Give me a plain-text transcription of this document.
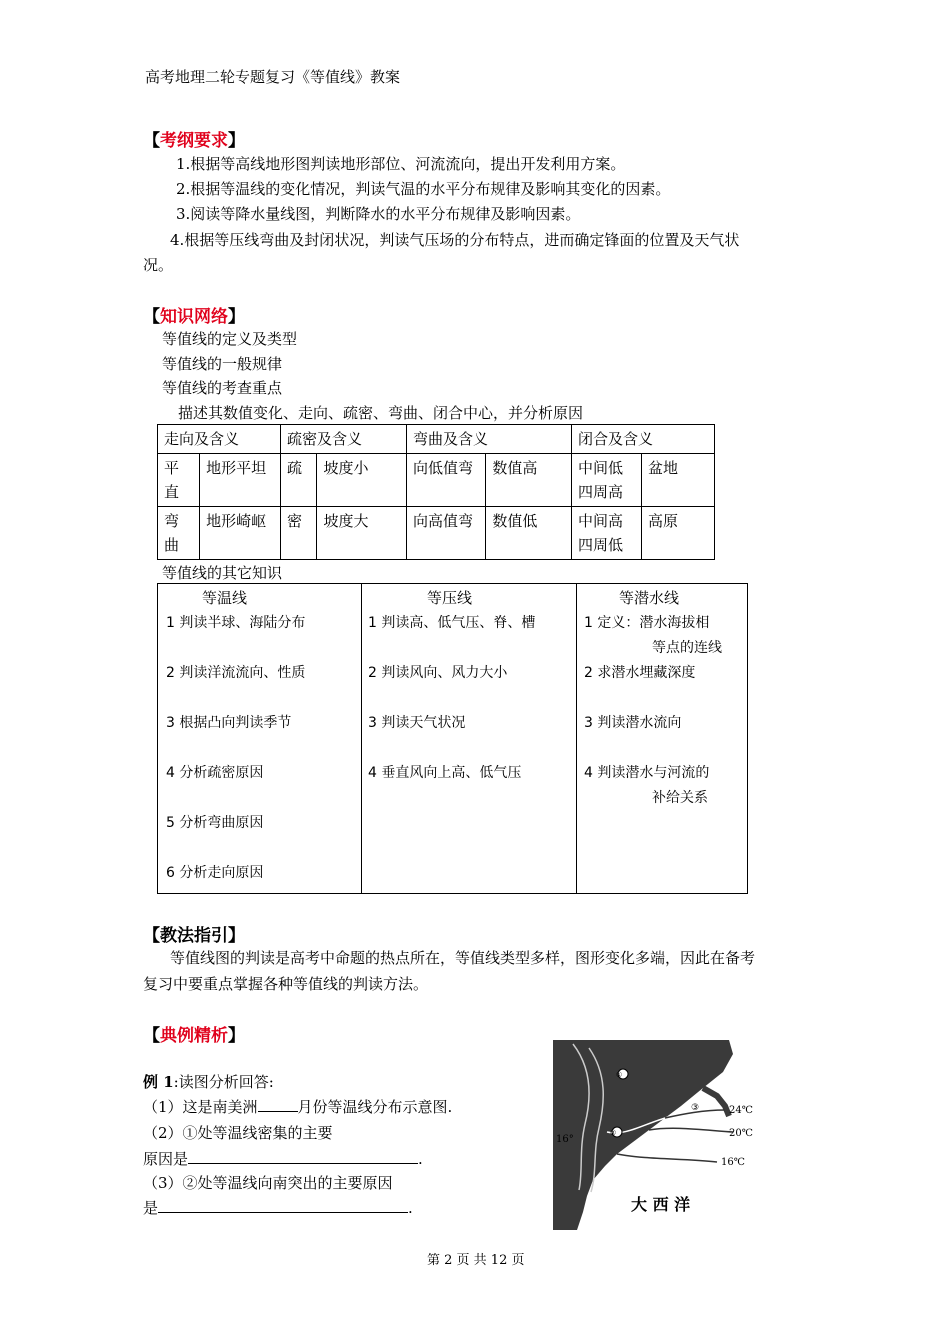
高考地理二轮专题复习《等值线》教案
【考纲要求】
1.根据等高线地形图判读地形部位、河流流向，提出开发利用方案。
2.根据等温线的变化情况，判读气温的水平分布规律及影响其变化的因素。
3.阅读等降水量线图，判断降水的水平分布规律及影响因素。
4.根据等压线弯曲及封闭状况，判读气压场的分布特点，进而确定锋面的位置及天气状
况。
【知识网络】
等值线的定义及类型
等值线的一般规律
等值线的考查重点
描述其数值变化、走向、疏密、弯曲、闭合中心，并分析原因
走向及含义		疏密及含义		弯曲及含义		闭合及含义	
平直	地形平坦	疏	坡度小	向低值弯	数值高	中间低四周高	盆地
弯曲	地形崎岖	密	坡度大	向高值弯	数值低	中间高四周低	高原
等值线的其它知识
等温线	等压线	等潜水线
1 判读半球、海陆分布
2 判读洋流流向、性质
3 根据凸向判读季节
4 分析疏密原因
5 分析弯曲原因
6 分析走向原因
1 判读高、低气压、脊、槽
2 判读风向、风力大小
3 判读天气状况
4 垂直风向上高、低气压
1 定义：潜水海拔相
等点的连线
2 求潜水埋藏深度
3 判读潜水流向
4 判读潜水与河流的
补给关系
【教法指引】
等值线图的判读是高考中命题的热点所在，等值线类型多样，图形变化多端，因此在备考
复习中要重点掌握各种等值线的判读方法。
【典例精析】
例 1:读图分析回答:
（1）这是南美洲	月份等温线分布示意图.
（2）①处等温线密集的主要
原因是	.
（3）②处等温线向南突出的主要原因
是	.
③	24℃
20℃
16℃
16°
大 西 洋
①
②
第 2 页 共 12 页
